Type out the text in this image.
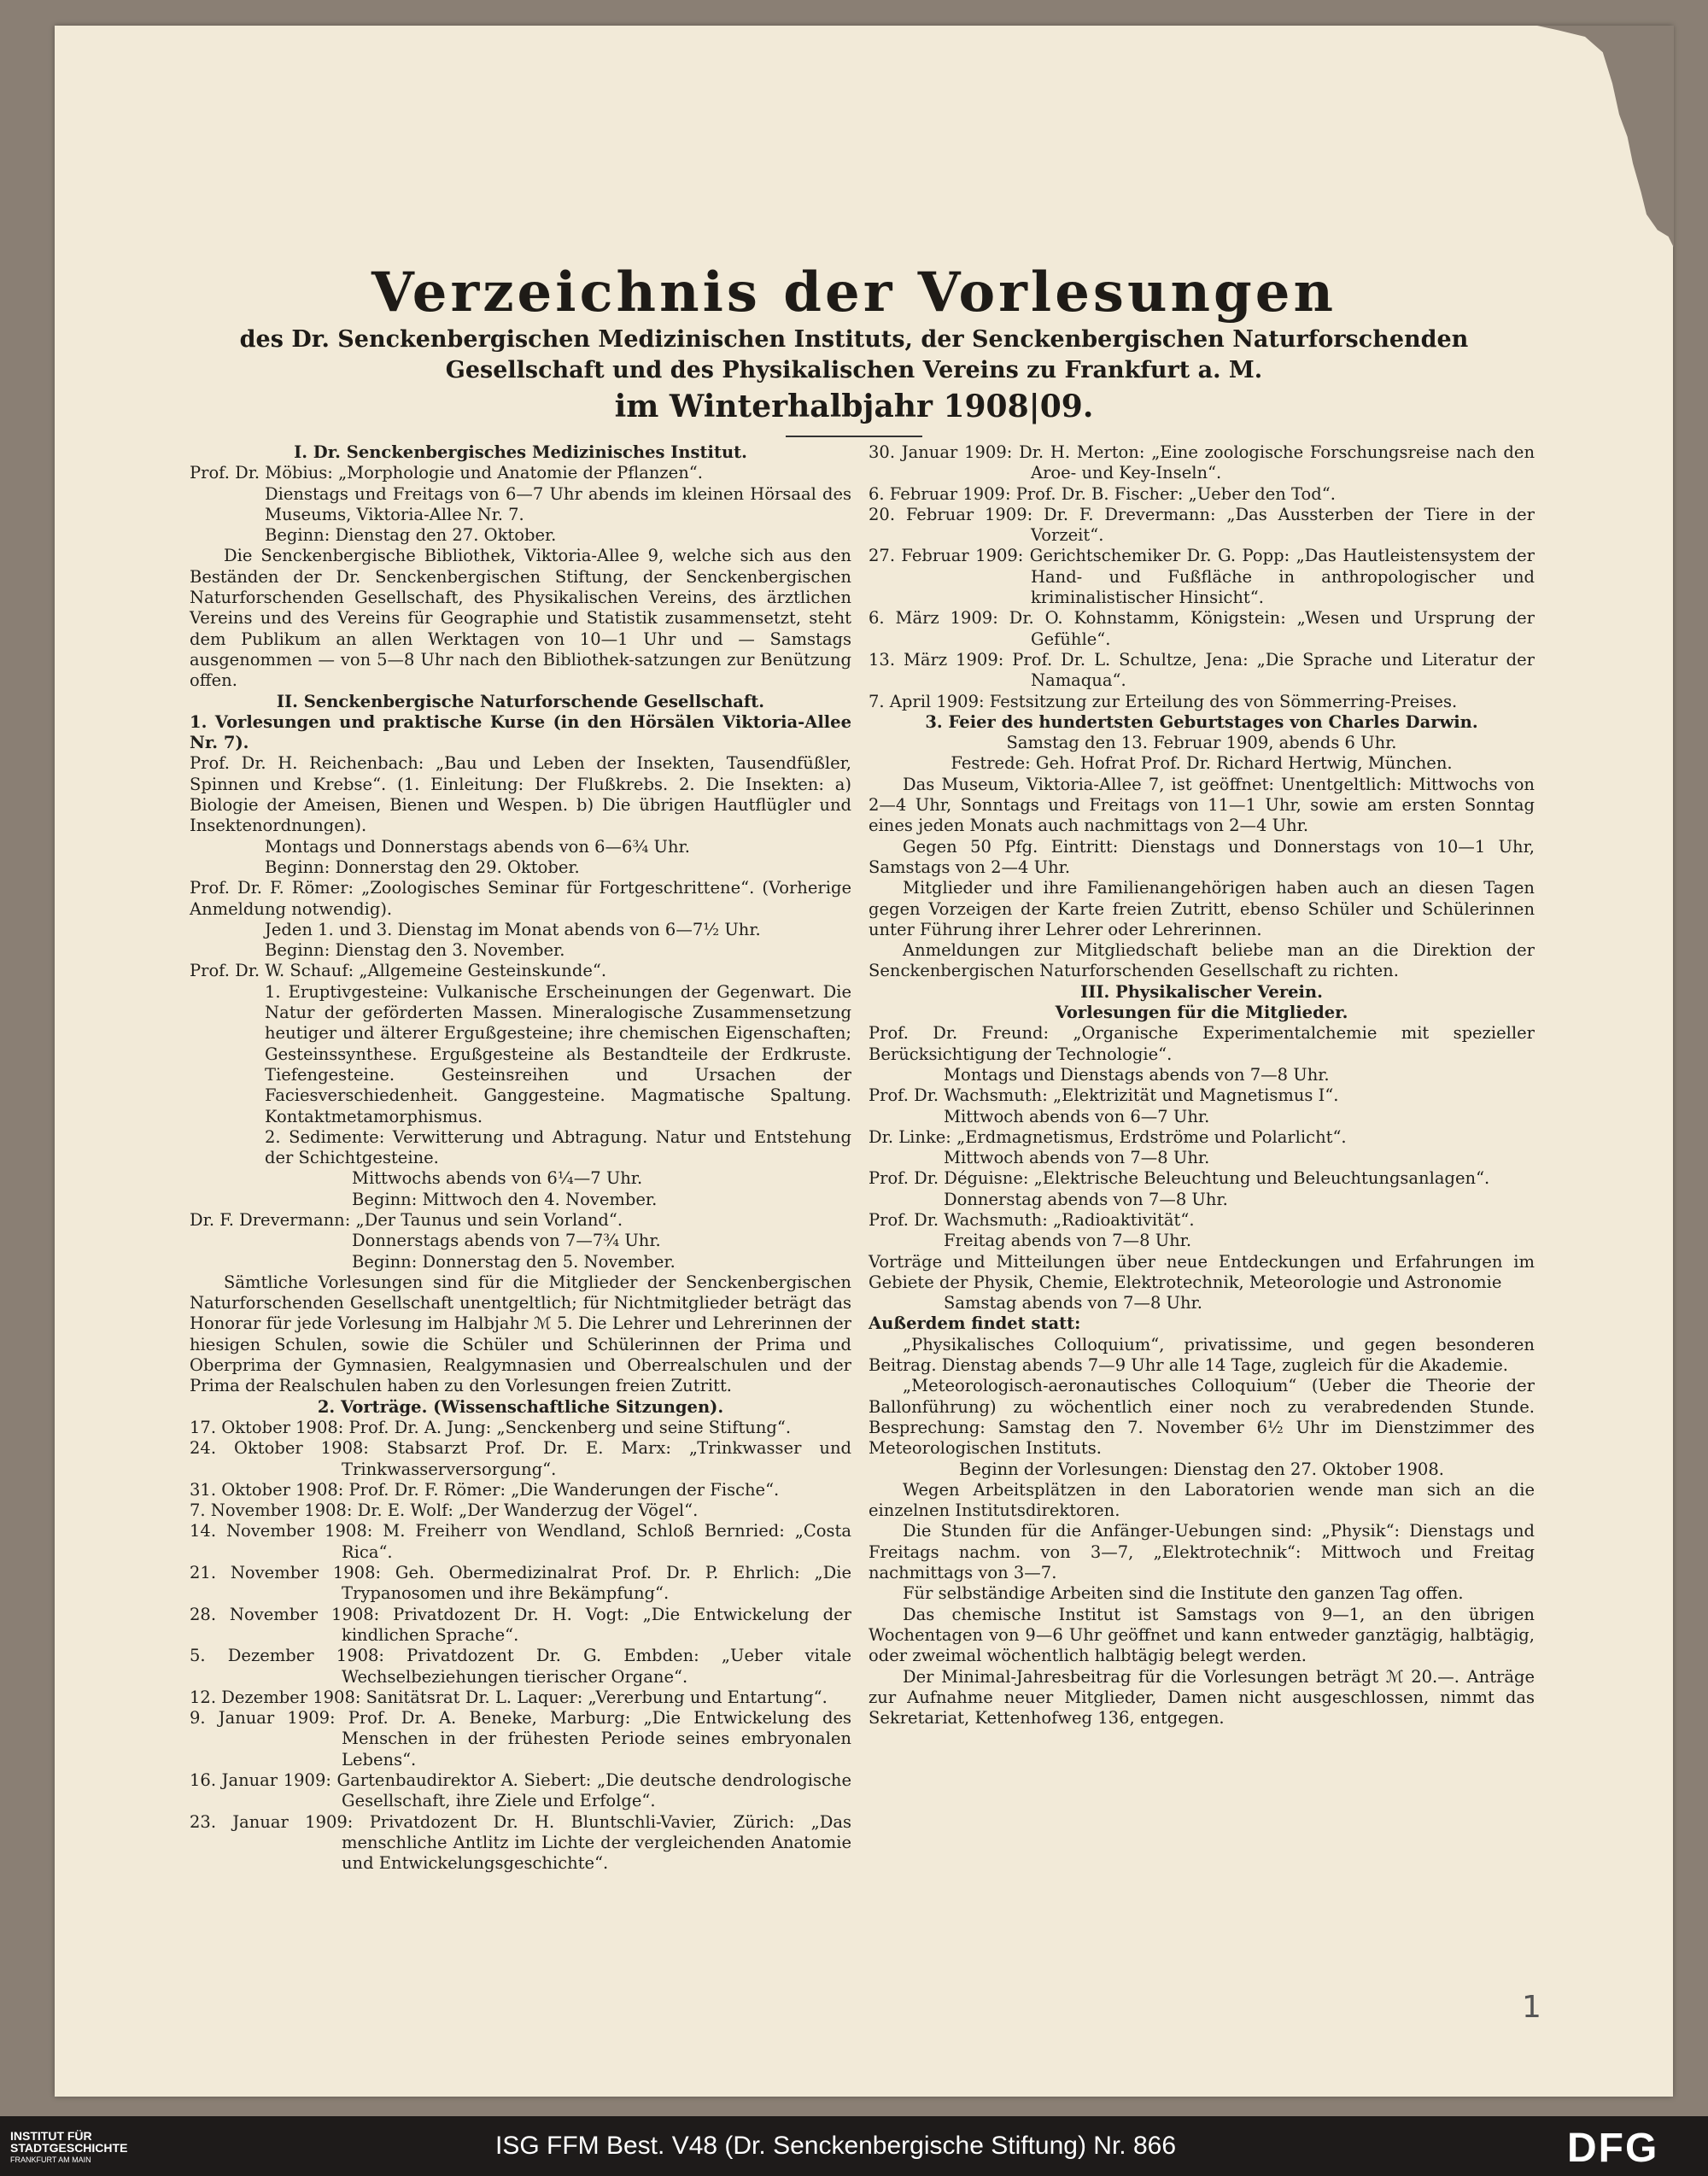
Verzeichnis der Vorlesungen
des Dr. Senckenbergischen Medizinischen Instituts, der Senckenbergischen Naturforschenden Gesellschaft und des Physikalischen Vereins zu Frankfurt a. M.
im Winterhalbjahr 1908|09.

I. Dr. Senckenbergisches Medizinisches Institut.

Prof. Dr. Möbius: „Morphologie und Anatomie der Pflanzen“.

Dienstags und Freitags von 6—7 Uhr abends im kleinen Hörsaal des Museums, Viktoria-Allee Nr. 7.

Beginn: Dienstag den 27. Oktober.

Die Senckenbergische Bibliothek, Viktoria-Allee 9, welche sich aus den Beständen der Dr. Senckenbergischen Stiftung, der Senckenbergischen Naturforschenden Gesellschaft, des Physikalischen Vereins, des ärztlichen Vereins und des Vereins für Geographie und Statistik zusammensetzt, steht dem Publikum an allen Werktagen von 10—1 Uhr und — Samstags ausgenommen — von 5—8 Uhr nach den Bibliothek-satzungen zur Benützung offen.

II. Senckenbergische Naturforschende Gesellschaft.

1. Vorlesungen und praktische Kurse (in den Hörsälen Viktoria-Allee Nr. 7).

Prof. Dr. H. Reichenbach: „Bau und Leben der Insekten, Tausendfüßler, Spinnen und Krebse“. (1. Einleitung: Der Flußkrebs. 2. Die Insekten: a) Biologie der Ameisen, Bienen und Wespen. b) Die übrigen Hautflügler und Insektenordnungen).

Montags und Donnerstags abends von 6—6¾ Uhr.

Beginn: Donnerstag den 29. Oktober.

Prof. Dr. F. Römer: „Zoologisches Seminar für Fortgeschrittene“. (Vorherige Anmeldung notwendig).

Jeden 1. und 3. Dienstag im Monat abends von 6—7½ Uhr.

Beginn: Dienstag den 3. November.

Prof. Dr. W. Schauf: „Allgemeine Gesteinskunde“.

1. Eruptivgesteine: Vulkanische Erscheinungen der Gegenwart. Die Natur der geförderten Massen. Mineralogische Zusammensetzung heutiger und älterer Ergußgesteine; ihre chemischen Eigenschaften; Gesteinssynthese. Ergußgesteine als Bestandteile der Erdkruste. Tiefengesteine. Gesteinsreihen und Ursachen der Faciesverschiedenheit. Ganggesteine. Magmatische Spaltung. Kontaktmetamorphismus.

2. Sedimente: Verwitterung und Abtragung. Natur und Entstehung der Schichtgesteine.

Mittwochs abends von 6¼—7 Uhr.

Beginn: Mittwoch den 4. November.

Dr. F. Drevermann: „Der Taunus und sein Vorland“.

Donnerstags abends von 7—7¾ Uhr.

Beginn: Donnerstag den 5. November.

Sämtliche Vorlesungen sind für die Mitglieder der Senckenbergischen Naturforschenden Gesellschaft unentgeltlich; für Nichtmitglieder beträgt das Honorar für jede Vorlesung im Halbjahr ℳ 5. Die Lehrer und Lehrerinnen der hiesigen Schulen, sowie die Schüler und Schülerinnen der Prima und Oberprima der Gymnasien, Realgymnasien und Oberrealschulen und der Prima der Realschulen haben zu den Vorlesungen freien Zutritt.

2. Vorträge. (Wissenschaftliche Sitzungen).

17. Oktober 1908: Prof. Dr. A. Jung: „Senckenberg und seine Stiftung“.

24. Oktober 1908: Stabsarzt Prof. Dr. E. Marx: „Trinkwasser und Trinkwasserversorgung“.

31. Oktober 1908: Prof. Dr. F. Römer: „Die Wanderungen der Fische“.

7. November 1908: Dr. E. Wolf: „Der Wanderzug der Vögel“.

14. November 1908: M. Freiherr von Wendland, Schloß Bernried: „Costa Rica“.

21. November 1908: Geh. Obermedizinalrat Prof. Dr. P. Ehrlich: „Die Trypanosomen und ihre Bekämpfung“.

28. November 1908: Privatdozent Dr. H. Vogt: „Die Entwickelung der kindlichen Sprache“.

5. Dezember 1908: Privatdozent Dr. G. Embden: „Ueber vitale Wechselbeziehungen tierischer Organe“.

12. Dezember 1908: Sanitätsrat Dr. L. Laquer: „Vererbung und Entartung“.

9. Januar 1909: Prof. Dr. A. Beneke, Marburg: „Die Entwickelung des Menschen in der frühesten Periode seines embryonalen Lebens“.

16. Januar 1909: Gartenbaudirektor A. Siebert: „Die deutsche dendrologische Gesellschaft, ihre Ziele und Erfolge“.

23. Januar 1909: Privatdozent Dr. H. Bluntschli-Vavier, Zürich: „Das menschliche Antlitz im Lichte der vergleichenden Anatomie und Entwickelungsgeschichte“.

30. Januar 1909: Dr. H. Merton: „Eine zoologische Forschungsreise nach den Aroe- und Key-Inseln“.

6. Februar 1909: Prof. Dr. B. Fischer: „Ueber den Tod“.

20. Februar 1909: Dr. F. Drevermann: „Das Aussterben der Tiere in der Vorzeit“.

27. Februar 1909: Gerichtschemiker Dr. G. Popp: „Das Hautleistensystem der Hand- und Fußfläche in anthropologischer und kriminalistischer Hinsicht“.

6. März 1909: Dr. O. Kohnstamm, Königstein: „Wesen und Ursprung der Gefühle“.

13. März 1909: Prof. Dr. L. Schultze, Jena: „Die Sprache und Literatur der Namaqua“.

7. April 1909: Festsitzung zur Erteilung des von Sömmerring-Preises.

3. Feier des hundertsten Geburtstages von Charles Darwin.

Samstag den 13. Februar 1909, abends 6 Uhr.

Festrede: Geh. Hofrat Prof. Dr. Richard Hertwig, München.

Das Museum, Viktoria-Allee 7, ist geöffnet: Unentgeltlich: Mittwochs von 2—4 Uhr, Sonntags und Freitags von 11—1 Uhr, sowie am ersten Sonntag eines jeden Monats auch nachmittags von 2—4 Uhr.

Gegen 50 Pfg. Eintritt: Dienstags und Donnerstags von 10—1 Uhr, Samstags von 2—4 Uhr.

Mitglieder und ihre Familienangehörigen haben auch an diesen Tagen gegen Vorzeigen der Karte freien Zutritt, ebenso Schüler und Schülerinnen unter Führung ihrer Lehrer oder Lehrerinnen.

Anmeldungen zur Mitgliedschaft beliebe man an die Direktion der Senckenbergischen Naturforschenden Gesellschaft zu richten.

III. Physikalischer Verein.

Vorlesungen für die Mitglieder.

Prof. Dr. Freund: „Organische Experimentalchemie mit spezieller Berücksichtigung der Technologie“.

Montags und Dienstags abends von 7—8 Uhr.

Prof. Dr. Wachsmuth: „Elektrizität und Magnetismus I“.

Mittwoch abends von 6—7 Uhr.

Dr. Linke: „Erdmagnetismus, Erdströme und Polarlicht“.

Mittwoch abends von 7—8 Uhr.

Prof. Dr. Déguisne: „Elektrische Beleuchtung und Beleuchtungsanlagen“.

Donnerstag abends von 7—8 Uhr.

Prof. Dr. Wachsmuth: „Radioaktivität“.

Freitag abends von 7—8 Uhr.

Vorträge und Mitteilungen über neue Entdeckungen und Erfahrungen im Gebiete der Physik, Chemie, Elektrotechnik, Meteorologie und Astronomie

Samstag abends von 7—8 Uhr.

Außerdem findet statt:

„Physikalisches Colloquium“, privatissime, und gegen besonderen Beitrag. Dienstag abends 7—9 Uhr alle 14 Tage, zugleich für die Akademie.

„Meteorologisch-aeronautisches Colloquium“ (Ueber die Theorie der Ballonführung) zu wöchentlich einer noch zu verabredenden Stunde. Besprechung: Samstag den 7. November 6½ Uhr im Dienstzimmer des Meteorologischen Instituts.

Beginn der Vorlesungen: Dienstag den 27. Oktober 1908.

Wegen Arbeitsplätzen in den Laboratorien wende man sich an die einzelnen Institutsdirektoren.

Die Stunden für die Anfänger-Uebungen sind: „Physik“: Dienstags und Freitags nachm. von 3—7, „Elektrotechnik“: Mittwoch und Freitag nachmittags von 3—7.

Für selbständige Arbeiten sind die Institute den ganzen Tag offen.

Das chemische Institut ist Samstags von 9—1, an den übrigen Wochentagen von 9—6 Uhr geöffnet und kann entweder ganztägig, halbtägig, oder zweimal wöchentlich halbtägig belegt werden.

Der Minimal-Jahresbeitrag für die Vorlesungen beträgt ℳ 20.—. Anträge zur Aufnahme neuer Mitglieder, Damen nicht ausgeschlossen, nimmt das Sekretariat, Kettenhofweg 136, entgegen.

1
INSTITUT FÜR
STADTGESCHICHTE
FRANKFURT AM MAIN	ISG FFM Best. V48 (Dr. Senckenbergische Stiftung) Nr. 866	DFG
